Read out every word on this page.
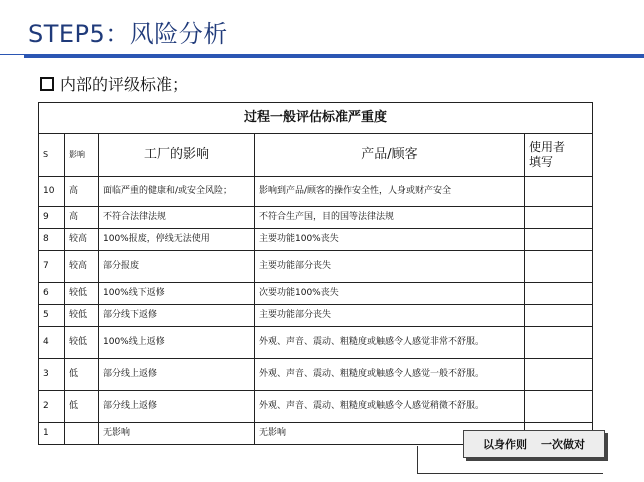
STEP5：风险分析
内部的评级标准；
过程一般评估标准严重度				
S	影响	工厂的影响	产品/顾客	使用者
填写
10	高	面临严重的健康和/或安全风险；	影响到产品/顾客的操作安全性，人身或财产安全	
9	高	不符合法律法规	不符合生产国，目的国等法律法规	
8	较高	100%报废，停线无法使用	主要功能100%丧失	
7	较高	部分报废	主要功能部分丧失	
6	较低	100%线下返修	次要功能100%丧失	
5	较低	部分线下返修	主要功能部分丧失	
4	较低	100%线上返修	外观、声音、震动、粗糙度或触感令人感觉非常不舒服。	
3	低	部分线上返修	外观、声音、震动、粗糙度或触感令人感觉一般不舒服。	
2	低	部分线上返修	外观、声音、震动、粗糙度或触感令人感觉稍微不舒服。	
1		无影响	无影响	
以身作则 一次做对
